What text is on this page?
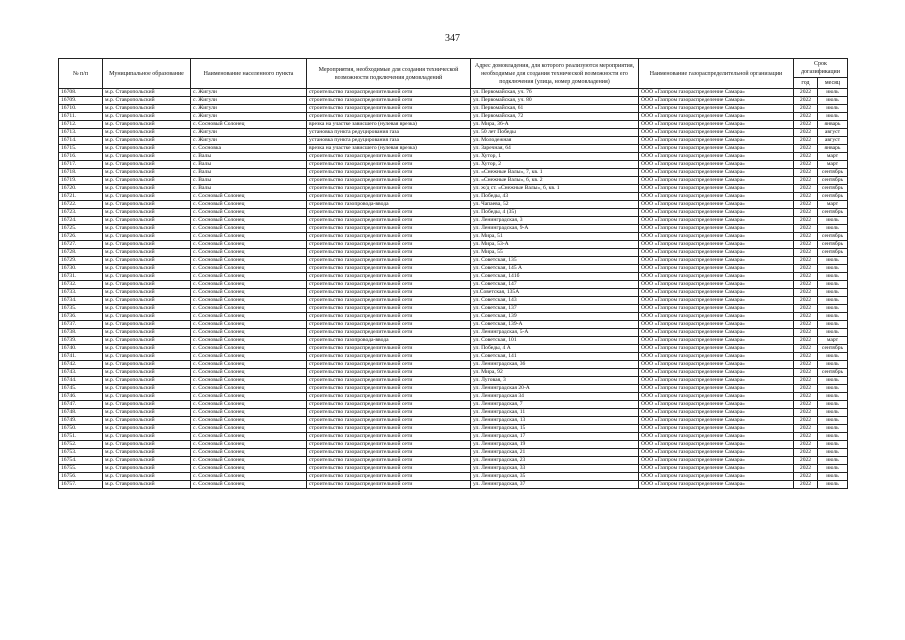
347
№ п/п	Муниципальное образование	Наименование населенного пункта	Мероприятия, необходимые для создания технической возможности подключения домовладений	Адрес домовладения, для которого реализуются мероприятия, необходимые для создания технической возможности его подключения (улица, номер домовладения)	Наименование газораспределительной организации	Срок догазификации	
						год	месяц
16708.	м.р. Ставропольский	с. Жигули	строительство газораспределительной сети	ул. Первомайская, уч. 76	ООО «Газпром газораспределение Самара»	2022	июль
16709.	м.р. Ставропольский	с. Жигули	строительство газораспределительной сети	ул. Первомайская, уч. 80	ООО «Газпром газораспределение Самара»	2022	июль
16710.	м.р. Ставропольский	с. Жигули	строительство газораспределительной сети	ул. Первомайская, 61	ООО «Газпром газораспределение Самара»	2022	июль
16711.	м.р. Ставропольский	с. Жигули	строительство газораспределительной сети	ул. Первомайская, 72	ООО «Газпром газораспределение Самара»	2022	июль
16712.	м.р. Ставропольский	с. Сосновый Солонец	врезка на участке зависшего (нулевая врезка)	ул. Мира, 36-А	ООО «Газпром газораспределение Самара»	2022	январь
16713.	м.р. Ставропольский	с. Жигули	установка пункта редуцирования газа	ул. 50 лет Победы	ООО «Газпром газораспределение Самара»	2022	август
16714.	м.р. Ставропольский	с. Жигули	установка пункта редуцирования газа	ул. Молодежная	ООО «Газпром газораспределение Самара»	2022	август
16715.	м.р. Ставропольский	с. Сосновка	врезка на участке зависшего (нулевая врезка)	ул. Заречная, 64	ООО «Газпром газораспределение Самара»	2022	январь
16716.	м.р. Ставропольский	с. Валы	строительство газораспределительной сети	ул. Хутор, 1	ООО «Газпром газораспределение Самара»	2022	март
16717.	м.р. Ставропольский	с. Валы	строительство газораспределительной сети	ул. Хутор, 2	ООО «Газпром газораспределение Самара»	2022	март
16718.	м.р. Ставропольский	с. Валы	строительство газораспределительной сети	ул. «Снежные Валы», 7, кв. 1	ООО «Газпром газораспределение Самара»	2022	сентябрь
16719.	м.р. Ставропольский	с. Валы	строительство газораспределительной сети	ул. «Снежные Валы», 6, кв. 2	ООО «Газпром газораспределение Самара»	2022	сентябрь
16720.	м.р. Ставропольский	с. Валы	строительство газораспределительной сети	ул. ж/д ст. «Снежные Валы», 6, кв. 1	ООО «Газпром газораспределение Самара»	2022	сентябрь
16721.	м.р. Ставропольский	с. Сосновый Солонец	строительство газораспределительной сети	ул. Победы, 43	ООО «Газпром газораспределение Самара»	2022	сентябрь
16722.	м.р. Ставропольский	с. Сосновый Солонец	строительство газопровода-ввода	ул. Чапаева, 52	ООО «Газпром газораспределение Самара»	2022	март
16723.	м.р. Ставропольский	с. Сосновый Солонец	строительство газораспределительной сети	ул. Победы, 4 (35)	ООО «Газпром газораспределение Самара»	2022	сентябрь
16724.	м.р. Ставропольский	с. Сосновый Солонец	строительство газораспределительной сети	ул. Ленинградская, 3	ООО «Газпром газораспределение Самара»	2022	июль
16725.	м.р. Ставропольский	с. Сосновый Солонец	строительство газораспределительной сети	ул. Ленинградская, 9-А	ООО «Газпром газораспределение Самара»	2022	июль
16726.	м.р. Ставропольский	с. Сосновый Солонец	строительство газораспределительной сети	ул. Мира, 51	ООО «Газпром газораспределение Самара»	2022	сентябрь
16727.	м.р. Ставропольский	с. Сосновый Солонец	строительство газораспределительной сети	ул. Мира, 53-А	ООО «Газпром газораспределение Самара»	2022	сентябрь
16728.	м.р. Ставропольский	с. Сосновый Солонец	строительство газораспределительной сети	ул. Мира, 55	ООО «Газпром газораспределение Самара»	2022	сентябрь
16729.	м.р. Ставропольский	с. Сосновый Солонец	строительство газораспределительной сети	ул. Советская, 135	ООО «Газпром газораспределение Самара»	2022	июль
16730.	м.р. Ставропольский	с. Сосновый Солонец	строительство газораспределительной сети	ул. Советская, 145 А	ООО «Газпром газораспределение Самара»	2022	июль
16731.	м.р. Ставропольский	с. Сосновый Солонец	строительство газораспределительной сети	ул. Советская, 141б	ООО «Газпром газораспределение Самара»	2022	июль
16732.	м.р. Ставропольский	с. Сосновый Солонец	строительство газораспределительной сети	ул. Советская, 147	ООО «Газпром газораспределение Самара»	2022	июль
16733.	м.р. Ставропольский	с. Сосновый Солонец	строительство газораспределительной сети	ул.Советская, 135А	ООО «Газпром газораспределение Самара»	2022	июль
16734.	м.р. Ставропольский	с. Сосновый Солонец	строительство газораспределительной сети	ул. Советская, 143	ООО «Газпром газораспределение Самара»	2022	июль
16735.	м.р. Ставропольский	с. Сосновый Солонец	строительство газораспределительной сети	ул. Советская, 137	ООО «Газпром газораспределение Самара»	2022	июль
16736.	м.р. Ставропольский	с. Сосновый Солонец	строительство газораспределительной сети	ул. Советская, 139	ООО «Газпром газораспределение Самара»	2022	июль
16737.	м.р. Ставропольский	с. Сосновый Солонец	строительство газораспределительной сети	ул. Советская, 139-А	ООО «Газпром газораспределение Самара»	2022	июль
16738.	м.р. Ставропольский	с. Сосновый Солонец	строительство газораспределительной сети	ул. Ленинградская, 5-А	ООО «Газпром газораспределение Самара»	2022	июль
16739.	м.р. Ставропольский	с. Сосновый Солонец	строительство газопровода-ввода	ул. Советская, 101	ООО «Газпром газораспределение Самара»	2022	март
16740.	м.р. Ставропольский	с. Сосновый Солонец	строительство газораспределительной сети	ул. Победы, 4 А	ООО «Газпром газораспределение Самара»	2022	сентябрь
16741.	м.р. Ставропольский	с. Сосновый Солонец	строительство газораспределительной сети	ул. Советская, 141	ООО «Газпром газораспределение Самара»	2022	июль
16742.	м.р. Ставропольский	с. Сосновый Солонец	строительство газораспределительной сети	ул. Ленинградская, 36	ООО «Газпром газораспределение Самара»	2022	июль
16743.	м.р. Ставропольский	с. Сосновый Солонец	строительство газораспределительной сети	ул. Мира, 92	ООО «Газпром газораспределение Самара»	2022	сентябрь
16744.	м.р. Ставропольский	с. Сосновый Солонец	строительство газораспределительной сети	ул. Луговая, 3	ООО «Газпром газораспределение Самара»	2022	июль
16745.	м.р. Ставропольский	с. Сосновый Солонец	строительство газораспределительной сети	ул. Ленинградская 20-А	ООО «Газпром газораспределение Самара»	2022	июль
16746.	м.р. Ставропольский	с. Сосновый Солонец	строительство газораспределительной сети	ул. Ленинградская 34	ООО «Газпром газораспределение Самара»	2022	июль
16747.	м.р. Ставропольский	с. Сосновый Солонец	строительство газораспределительной сети	ул. Ленинградская, 7	ООО «Газпром газораспределение Самара»	2022	июль
16748.	м.р. Ставропольский	с. Сосновый Солонец	строительство газораспределительной сети	ул. Ленинградская, 11	ООО «Газпром газораспределение Самара»	2022	июль
16749.	м.р. Ставропольский	с. Сосновый Солонец	строительство газораспределительной сети	ул. Ленинградская, 13	ООО «Газпром газораспределение Самара»	2022	июль
16750.	м.р. Ставропольский	с. Сосновый Солонец	строительство газораспределительной сети	ул. Ленинградская, 15	ООО «Газпром газораспределение Самара»	2022	июль
16751.	м.р. Ставропольский	с. Сосновый Солонец	строительство газораспределительной сети	ул. Ленинградская, 17	ООО «Газпром газораспределение Самара»	2022	июль
16752.	м.р. Ставропольский	с. Сосновый Солонец	строительство газораспределительной сети	ул. Ленинградская, 19	ООО «Газпром газораспределение Самара»	2022	июль
16753.	м.р. Ставропольский	с. Сосновый Солонец	строительство газораспределительной сети	ул. Ленинградская, 21	ООО «Газпром газораспределение Самара»	2022	июль
16754.	м.р. Ставропольский	с. Сосновый Солонец	строительство газораспределительной сети	ул. Ленинградская, 23	ООО «Газпром газораспределение Самара»	2022	июль
16755.	м.р. Ставропольский	с. Сосновый Солонец	строительство газораспределительной сети	ул. Ленинградская, 33	ООО «Газпром газораспределение Самара»	2022	июль
16756.	м.р. Ставропольский	с. Сосновый Солонец	строительство газораспределительной сети	ул. Ленинградская, 35	ООО «Газпром газораспределение Самара»	2022	июль
16757.	м.р. Ставропольский	с. Сосновый Солонец	строительство газораспределительной сети	ул. Ленинградская, 37	ООО «Газпром газораспределение Самара»	2022	июль
